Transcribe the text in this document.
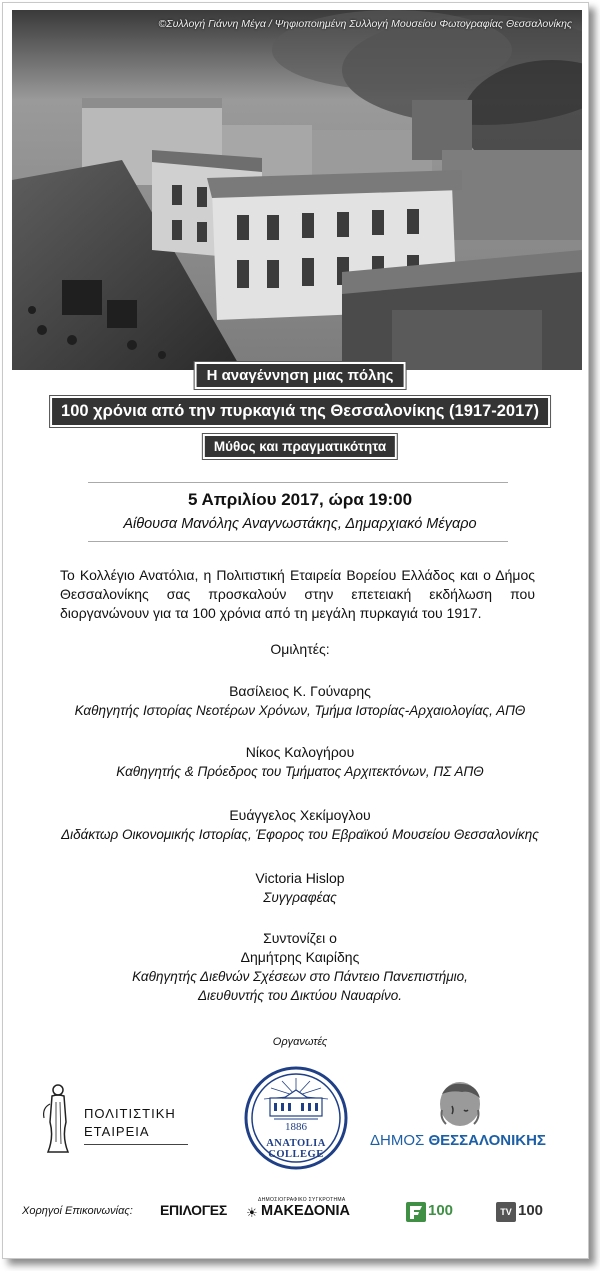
©Συλλογή Γιάννη Μέγα / Ψηφιοποιημένη Συλλογή Μουσείου Φωτογραφίας Θεσσαλονίκης
Η αναγέννηση μιας πόλης
100 χρόνια από την πυρκαγιά της Θεσσαλονίκης (1917-2017)
Μύθος και πραγματικότητα
5 Απριλίου 2017, ώρα 19:00
Αίθουσα Μανόλης Αναγνωστάκης, Δημαρχιακό Μέγαρο
Το Κολλέγιο Ανατόλια, η Πολιτιστική Εταιρεία Βορείου Ελλάδος και ο Δήμος Θεσσαλονίκης σας προσκαλούν στην επετειακή εκδήλωση που διοργανώνουν για τα 100 χρόνια από τη μεγάλη πυρκαγιά του 1917.
Ομιλητές:
Βασίλειος Κ. Γούναρης
Καθηγητής Ιστορίας Νεοτέρων Χρόνων, Τμήμα Ιστορίας-Αρχαιολογίας, ΑΠΘ
Νίκος Καλογήρου
Καθηγητής & Πρόεδρος του Τμήματος Αρχιτεκτόνων, ΠΣ ΑΠΘ
Ευάγγελος Χεκίμογλου
Διδάκτωρ Οικονομικής Ιστορίας, Έφορος του Εβραϊκού Μουσείου Θεσσαλονίκης
Victoria Hislop
Συγγραφέας
Συντονίζει ο
Δημήτρης Καιρίδης
Καθηγητής Διεθνών Σχέσεων στο Πάντειο Πανεπιστήμιο,
Διευθυντής του Δικτύου Ναυαρίνο.
Οργανωτές
ΠΟΛΙΤΙΣΤΙΚΗ
ΕΤΑΙΡΕΙΑ	1886
ANATOLIA COLLEGE
ΔΗΜΟΣ ΘΕΣΣΑΛΟΝΙΚΗΣ
Χορηγοί Επικοινωνίας: ΕΠΙΛΟΓΕΣ
ΔΗΜΟΣΙΟΓΡΑΦΙΚΟ ΣΥΓΚΡΟΤΗΜΑ
☀ ΜΑΚΕΔΟΝΙΑ	100	TV 100
